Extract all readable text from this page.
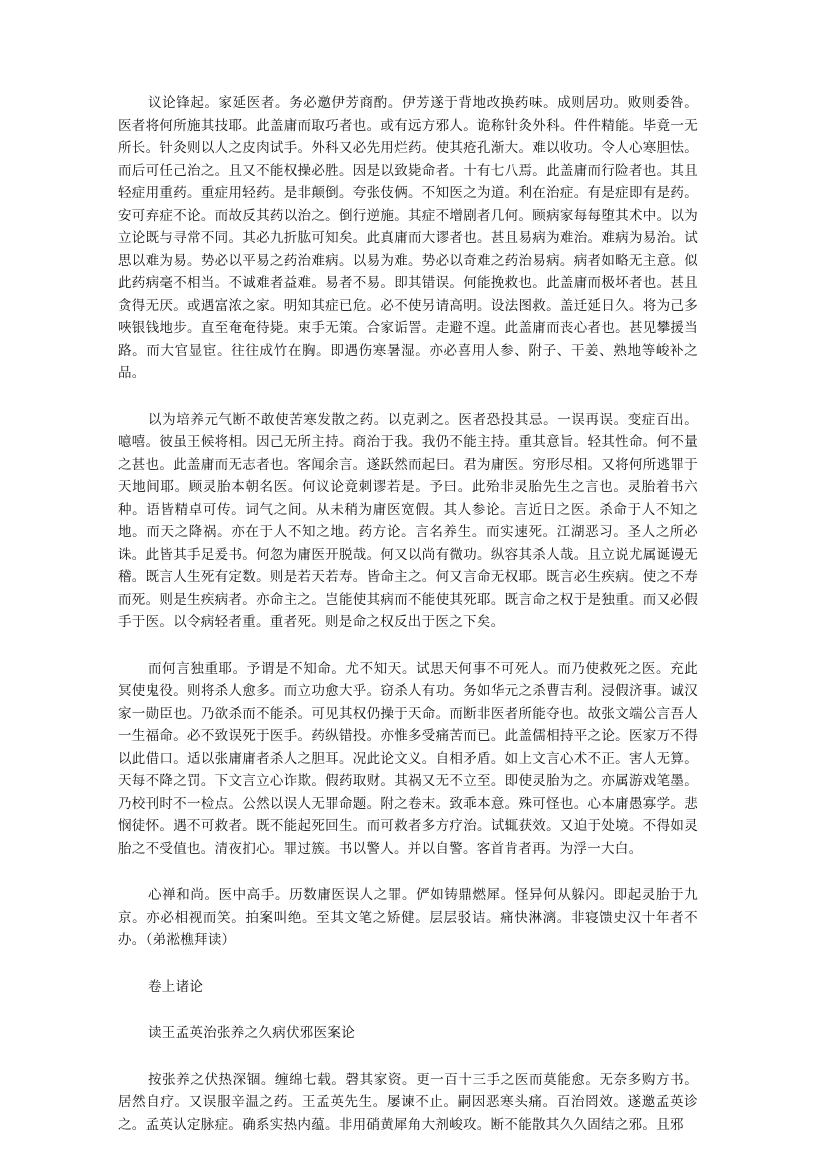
议论锋起。家延医者。务必邀伊芳商酌。伊芳遂于背地改换药味。成则居功。败则委咎。医者将何所施其技耶。此盖庸而取巧者也。或有远方邪人。诡称针灸外科。件件精能。毕竟一无所长。针灸则以人之皮肉试手。外科又必先用烂药。使其疮孔渐大。难以收功。令人心寒胆怯。而后可任己治之。且又不能权操必胜。因是以致毙命者。十有七八焉。此盖庸而行险者也。其且轻症用重药。重症用轻药。是非颠倒。夸张伎俩。不知医之为道。利在治症。有是症即有是药。安可弃症不论。而故反其药以治之。倒行逆施。其症不增剧者几何。顾病家每每堕其术中。以为立论既与寻常不同。其必九折肱可知矣。此真庸而大谬者也。甚且易病为难治。难病为易治。试思以难为易。势必以平易之药治难病。以易为难。势必以奇难之药治易病。病者如略无主意。似此药病毫不相当。不诚难者益难。易者不易。即其错误。何能挽救也。此盖庸而极坏者也。甚且贪得无厌。或遇富浓之家。明知其症已危。必不使另请高明。设法图救。盖迁延日久。将为己多唊银钱地步。直至奄奄待毙。束手无策。合家诟詈。走避不遑。此盖庸而丧心者也。甚见攀援当路。而大官显宦。往往成竹在胸。即遇伤寒暑湿。亦必喜用人参、附子、干姜、熟地等峻补之品。

以为培养元气断不敢使苦寒发散之药。以克剥之。医者恐投其忌。一误再误。变症百出。噫嘻。彼虽王候将相。因己无所主持。商治于我。我仍不能主持。重其意旨。轻其性命。何不量之甚也。此盖庸而无志者也。客闻余言。遂跃然而起曰。君为庸医。穷形尽相。又将何所逃罪于天地间耶。顾灵胎本朝名医。何议论竟刺谬若是。予曰。此殆非灵胎先生之言也。灵胎着书六种。语皆精卓可传。词气之间。从未稍为庸医宽假。其人参论。言近日之医。杀命于人不知之地。而天之降祸。亦在于人不知之地。药方论。言名养生。而实速死。江湖恶习。圣人之所必诛。此皆其手足爰书。何忽为庸医开脱哉。何又以尚有微功。纵容其杀人哉。且立说尤属诞谩无稽。既言人生死有定数。则是若天若寿。皆命主之。何又言命无权耶。既言必生疾病。使之不寿而死。则是生疾病者。亦命主之。岂能使其病而不能使其死耶。既言命之权于是独重。而又必假手于医。以令病轻者重。重者死。则是命之权反出于医之下矣。

而何言独重耶。予谓是不知命。尤不知天。试思天何事不可死人。而乃使救死之医。充此冥使鬼役。则将杀人愈多。而立功愈大乎。窃杀人有功。务如华元之杀曹吉利。浸假济事。诚汉家一勋臣也。乃欲杀而不能杀。可见其权仍操于天命。而断非医者所能夺也。故张文端公言吾人一生福命。必不致误死于医手。药纵错投。亦惟多受痛苦而已。此盖儒相持平之论。医家万不得以此借口。适以张庸庸者杀人之胆耳。况此论文义。自相矛盾。如上文言心术不正。害人无算。天每不降之罚。下文言立心诈欺。假药取财。其祸又无不立至。即使灵胎为之。亦属游戏笔墨。乃校刊时不一检点。公然以误人无罪命题。附之卷末。致乖本意。殊可怪也。心本庸愚寡学。悲悯徒怀。遇不可救者。既不能起死回生。而可救者多方疗治。试辄获效。又迫于处境。不得如灵胎之不受值也。清夜扪心。罪过簇。书以警人。并以自警。客首肯者再。为浮一大白。

心禅和尚。医中高手。历数庸医误人之罪。俨如铸鼎燃犀。怪异何从躲闪。即起灵胎于九京。亦必相视而笑。拍案叫绝。至其文笔之矫健。层层驳诘。痛快淋漓。非寝馈史汉十年者不办。（弟淞樵拜读）

卷上诸论

读王孟英治张养之久病伏邪医案论

按张养之伏热深锢。缠绵七载。磬其家资。更一百十三手之医而莫能愈。无奈多购方书。居然自疗。又误服辛温之药。王孟英先生。屡谏不止。嗣因恶寒头痛。百治罔效。遂邀孟英诊之。孟英认定脉症。确系实热内蕴。非用硝黄犀角大剂峻攻。断不能散其久久固结之邪。且邪
